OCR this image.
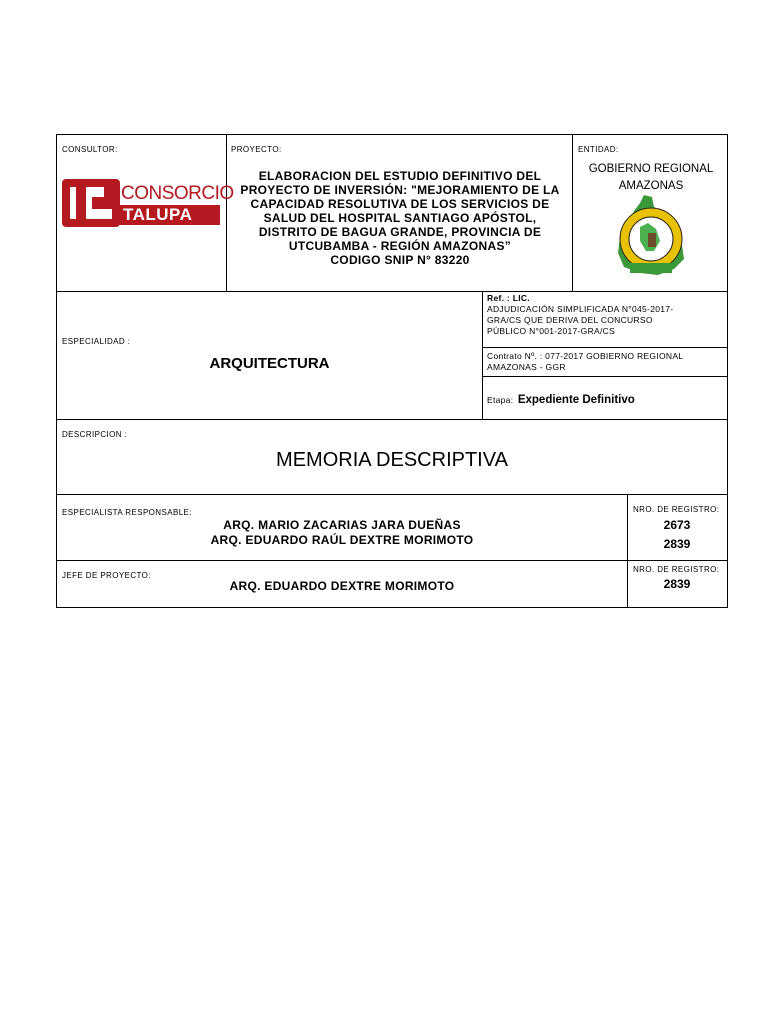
CONSULTOR:
CONSORCIO
TALUPA
PROYECTO:
ELABORACION DEL ESTUDIO DEFINITIVO DEL
PROYECTO DE INVERSIÓN: "MEJORAMIENTO DE LA
CAPACIDAD RESOLUTIVA DE LOS SERVICIOS DE
SALUD DEL HOSPITAL SANTIAGO APÓSTOL,
DISTRITO DE BAGUA GRANDE, PROVINCIA DE
UTCUBAMBA - REGIÓN AMAZONAS”
CODIGO SNIP N° 83220
ENTIDAD:
GOBIERNO REGIONAL
AMAZONAS
ESPECIALIDAD :
ARQUITECTURA
Ref. : LIC.
ADJUDICACIÓN SIMPLIFICADA N°045-2017-
GRA/CS QUE DERIVA DEL CONCURSO
PÚBLICO N°001-2017-GRA/CS
Contrato Nº. : 077-2017 GOBIERNO REGIONAL
AMAZONAS - GGR
Etapa: Expediente Definitivo
DESCRIPCION :
MEMORIA DESCRIPTIVA
ESPECIALISTA RESPONSABLE:
ARQ. MARIO ZACARIAS JARA DUEÑAS
ARQ. EDUARDO RAÚL DEXTRE MORIMOTO
NRO. DE REGISTRO:
2673
2839
JEFE DE PROYECTO:
ARQ. EDUARDO DEXTRE MORIMOTO
NRO. DE REGISTRO:
2839
